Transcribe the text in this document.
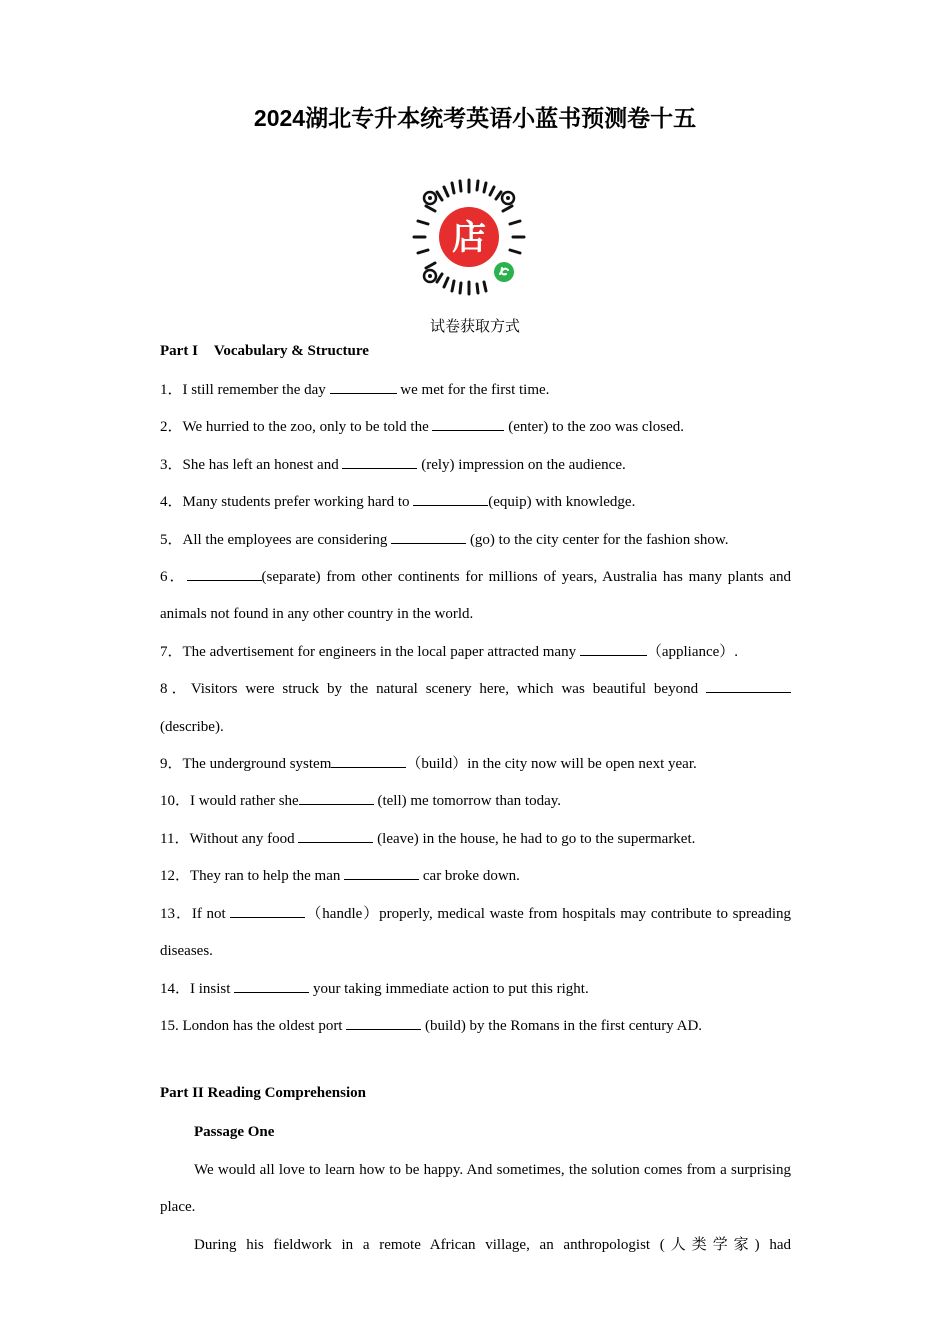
2024湖北专升本统考英语小蓝书预测卷十五
店
试卷获取方式
Part I Vocabulary & Structure
1．I still remember the day	we met for the first time.
2．We hurried to the zoo, only to be told the	(enter) to the zoo was closed.
3．She has left an honest and	(rely) impression on the audience.
4．Many students prefer working hard to	(equip) with knowledge.
5．All the employees are considering	(go) to the city center for the fashion show.
6．	(separate) from other continents for millions of years, Australia has many plants and animals not found in any other country in the world.
7．The advertisement for engineers in the local paper attracted many	（appliance）.
8．Visitors were struck by the natural scenery here, which was beautiful beyond  (describe).
9．The underground system	（build）in the city now will be open next year.
10．I would rather she	(tell) me tomorrow than today.
11．Without any food	(leave) in the house, he had to go to the supermarket.
12．They ran to help the man	car broke down.
13．If not	（handle）properly, medical waste from hospitals may contribute to spreading diseases.
14．I insist	your taking immediate action to put this right.
15. London has the oldest port	(build) by the Romans in the first century AD.
Part II Reading Comprehension
Passage One
We would all love to learn how to be happy. And sometimes, the solution comes from a surprising place.
During his fieldwork in a remote African village, an anthropologist (人类学家) had
